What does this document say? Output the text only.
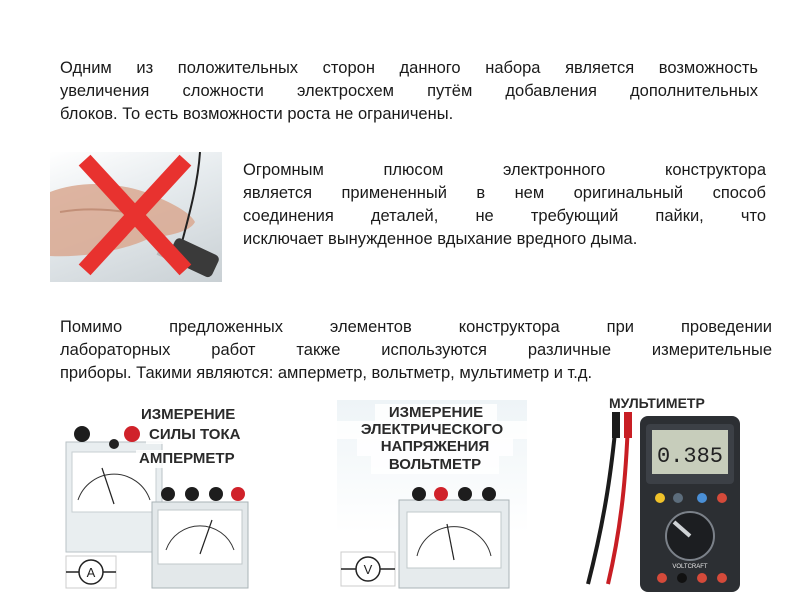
Одним из положительных сторон данного набора является возможность
увеличения сложности электросхем путём добавления дополнительных
блоков. То есть возможности роста не ограничены.
Огромным плюсом электронного конструктора
является примененный в нем оригинальный способ
соединения деталей, не требующий пайки, что
исключает вынужденное вдыхание вредного дыма.
Помимо предложенных элементов конструктора при проведении
лабораторных работ также используются различные измерительные
приборы. Такими являются: амперметр, вольтметр, мультиметр и т.д.
A
ИЗМЕРЕНИЕ
СИЛЫ ТОКА
АМПЕРМЕТР
V
ИЗМЕРЕНИЕ
ЭЛЕКТРИЧЕСКОГО
НАПРЯЖЕНИЯ
ВОЛЬТМЕТР	0.385
VOLTCRAFT
МУЛЬТИМЕТР
